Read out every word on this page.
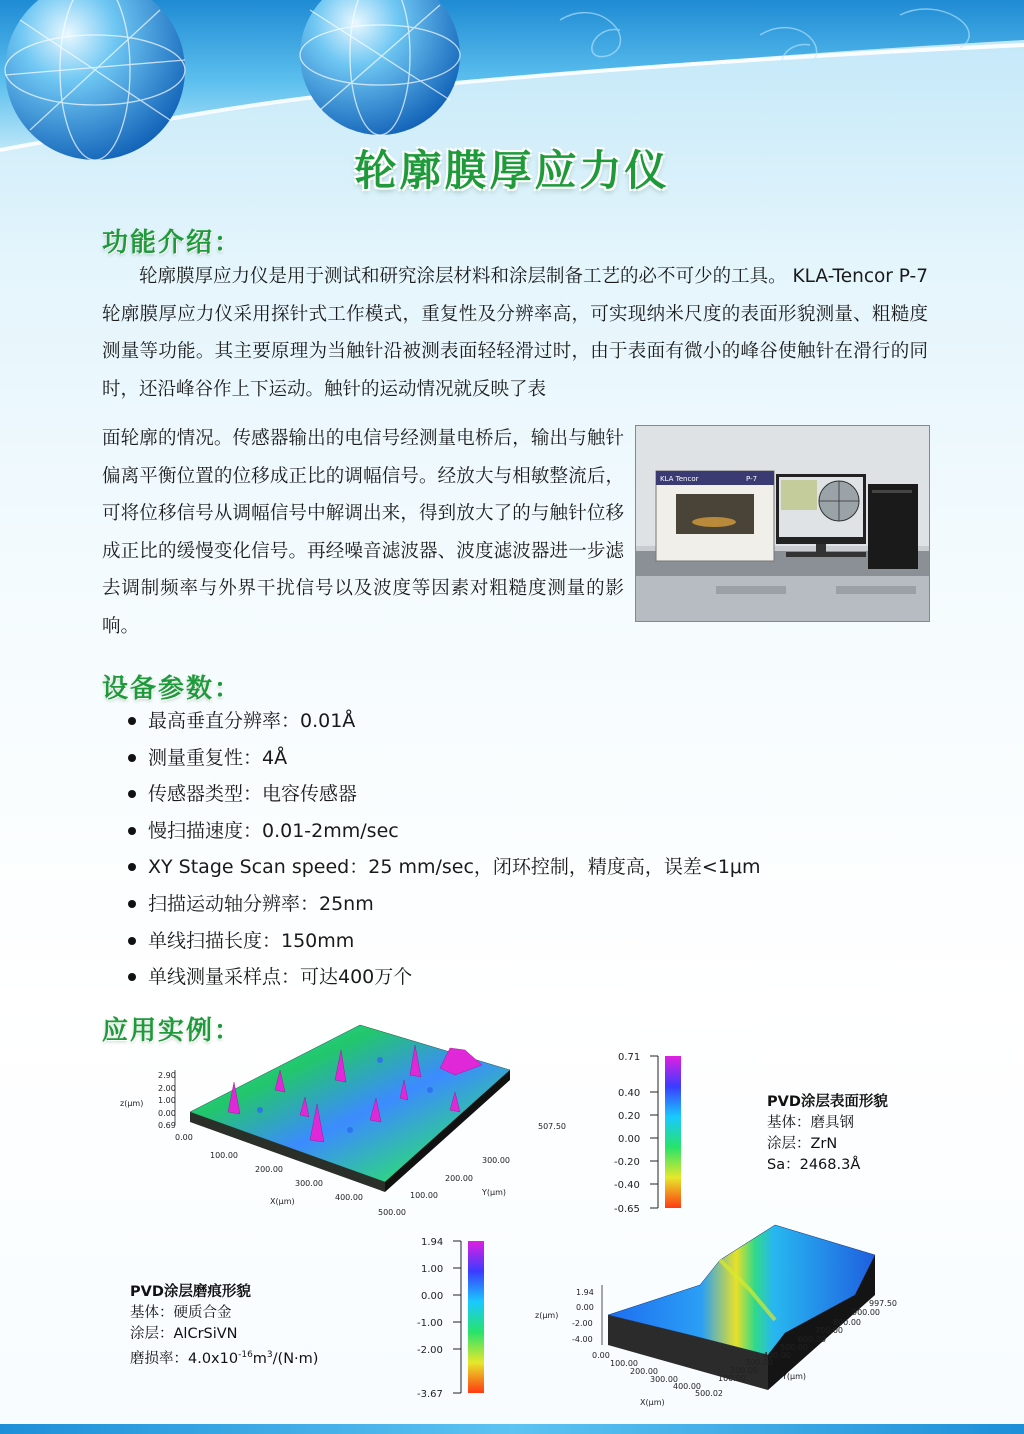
轮廓膜厚应力仪
功能介绍：
轮廓膜厚应力仪是用于测试和研究涂层材料和涂层制备工艺的必不可少的工具。 KLA-Tencor P-7轮廓膜厚应力仪采用探针式工作模式，重复性及分辨率高，可实现纳米尺度的表面形貌测量、粗糙度测量等功能。其主要原理为当触针沿被测表面轻轻滑过时，由于表面有微小的峰谷使触针在滑行的同时，还沿峰谷作上下运动。触针的运动情况就反映了表
面轮廓的情况。传感器输出的电信号经测量电桥后，输出与触针偏离平衡位置的位移成正比的调幅信号。经放大与相敏整流后，可将位移信号从调幅信号中解调出来，得到放大了的与触针位移成正比的缓慢变化信号。再经噪音滤波器、波度滤波器进一步滤去调制频率与外界干扰信号以及波度等因素对粗糙度测量的影响。
KLA Tencor	P-7
设备参数：
最高垂直分辨率：0.01Å
测量重复性：4Å
传感器类型：电容传感器
慢扫描速度：0.01-2mm/sec
XY Stage Scan speed：25 mm/sec，闭环控制，精度高，误差<1μm
扫描运动轴分辨率：25nm
单线扫描长度：150mm
单线测量采样点：可达400万个
应用实例：
z(μm)
2.90
2.00
1.00
0.00
0.69
0.00
100.00
200.00
300.00
400.00
500.00
X(μm)
100.00
200.00
300.00
507.50
Y(μm)
0.71
0.40
0.20
0.00
-0.20
-0.40
-0.65
PVD涂层表面形貌
基体：磨具钢
涂层：ZrN
Sa：2468.3Å
1.94
1.00
0.00
-1.00
-2.00
-3.67
PVD涂层磨痕形貌
基体：硬质合金
涂层：AlCrSiVN
磨损率：$4.0x10^{-16}m^3/(N\cdot m)$
z(μm)
1.94
0.00
-2.00
-4.00
0.00
100.00
200.00
300.00
400.00
500.02
X(μm)
100.00
200.00
300.00
400.00
500.00
600.00
700.00
800.00
900.00
997.50
Y(μm)
